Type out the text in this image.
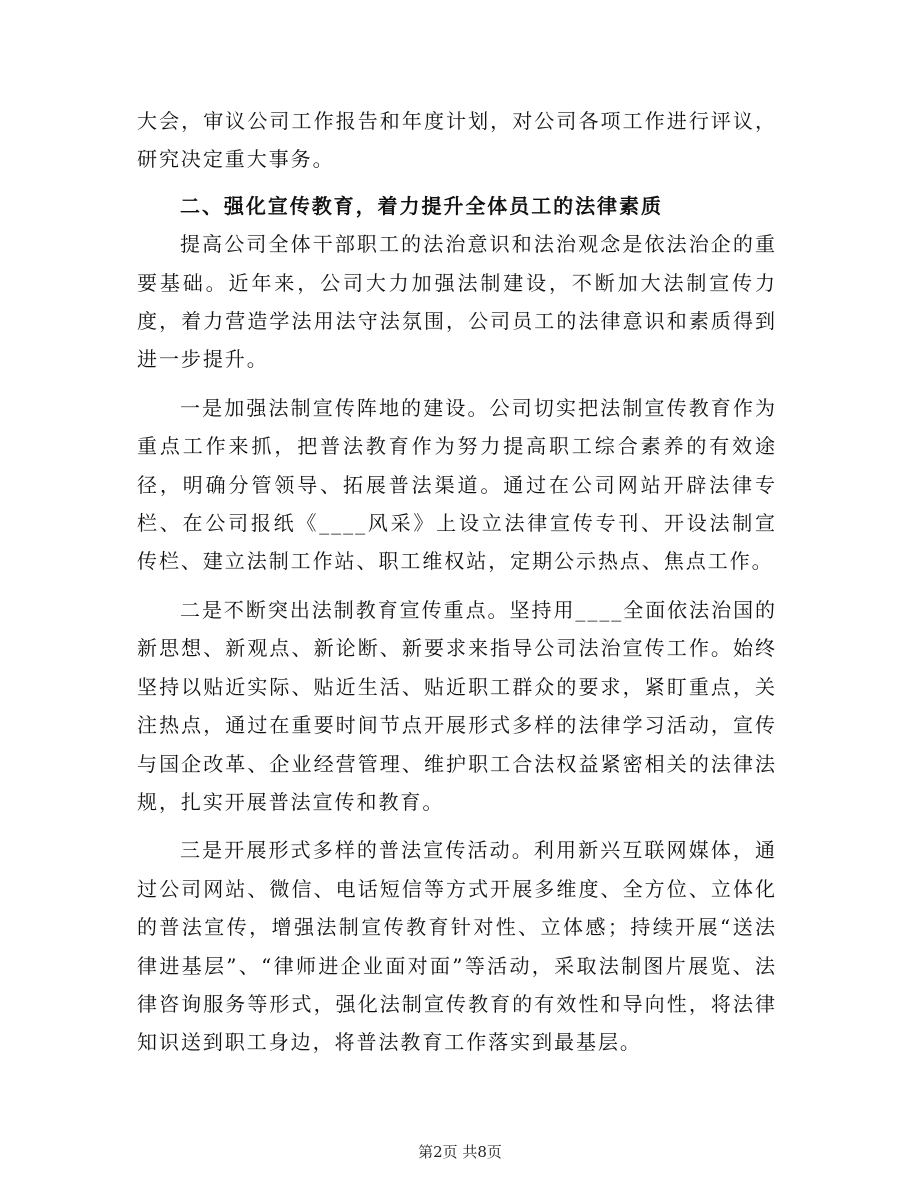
大会，审议公司工作报告和年度计划，对公司各项工作进行评议，研究决定重大事务。

二、强化宣传教育，着力提升全体员工的法律素质

提高公司全体干部职工的法治意识和法治观念是依法治企的重要基础。近年来，公司大力加强法制建设，不断加大法制宣传力度，着力营造学法用法守法氛围，公司员工的法律意识和素质得到进一步提升。

一是加强法制宣传阵地的建设。公司切实把法制宣传教育作为重点工作来抓，把普法教育作为努力提高职工综合素养的有效途径，明确分管领导、拓展普法渠道。通过在公司网站开辟法律专栏、在公司报纸《____风采》上设立法律宣传专刊、开设法制宣传栏、建立法制工作站、职工维权站，定期公示热点、焦点工作。

二是不断突出法制教育宣传重点。坚持用____全面依法治国的新思想、新观点、新论断、新要求来指导公司法治宣传工作。始终坚持以贴近实际、贴近生活、贴近职工群众的要求，紧盯重点，关注热点，通过在重要时间节点开展形式多样的法律学习活动，宣传与国企改革、企业经营管理、维护职工合法权益紧密相关的法律法规，扎实开展普法宣传和教育。

三是开展形式多样的普法宣传活动。利用新兴互联网媒体，通过公司网站、微信、电话短信等方式开展多维度、全方位、立体化的普法宣传，增强法制宣传教育针对性、立体感；持续开展“送法律进基层”、“律师进企业面对面”等活动，采取法制图片展览、法律咨询服务等形式，强化法制宣传教育的有效性和导向性，将法律知识送到职工身边，将普法教育工作落实到最基层。

第2页 共8页
